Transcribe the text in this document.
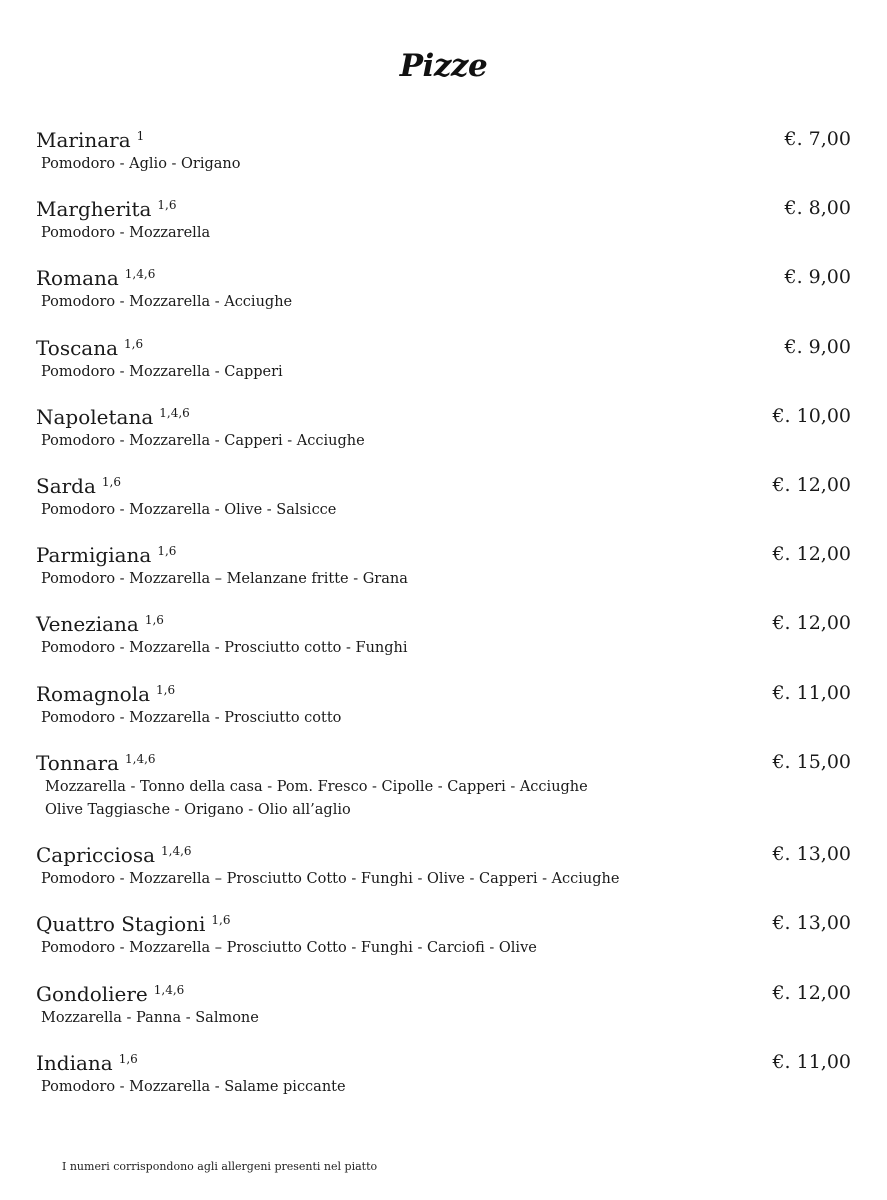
Pizze
Marinara $^1$	€. 7,00
Pomodoro - Aglio - Origano
Margherita $^{1,6}$	€. 8,00
Pomodoro - Mozzarella
Romana $^{1,4,6}$	€. 9,00
Pomodoro - Mozzarella - Acciughe
Toscana $^{1,6}$	€. 9,00
Pomodoro - Mozzarella - Capperi
Napoletana $^{1,4,6}$	€. 10,00
Pomodoro - Mozzarella - Capperi - Acciughe
Sarda $^{1,6}$	€. 12,00
Pomodoro - Mozzarella - Olive - Salsicce
Parmigiana $^{1,6}$	€. 12,00
Pomodoro - Mozzarella – Melanzane fritte - Grana
Veneziana $^{1,6}$	€. 12,00
Pomodoro - Mozzarella - Prosciutto cotto - Funghi
Romagnola $^{1,6}$	€. 11,00
Pomodoro - Mozzarella - Prosciutto cotto
Tonnara $^{1,4,6}$	€. 15,00
Mozzarella - Tonno della casa - Pom. Fresco - Cipolle - Capperi - Acciughe
Olive Taggiasche - Origano - Olio all’aglio
Capricciosa $^{1,4,6}$	€. 13,00
Pomodoro - Mozzarella – Prosciutto Cotto - Funghi - Olive - Capperi - Acciughe
Quattro Stagioni $^{1,6}$	€. 13,00
Pomodoro - Mozzarella – Prosciutto Cotto - Funghi - Carciofi - Olive
Gondoliere $^{1,4,6}$	€. 12,00
Mozzarella - Panna - Salmone
Indiana $^{1,6}$	€. 11,00
Pomodoro - Mozzarella - Salame piccante
I numeri corrispondono agli allergeni presenti nel piatto
